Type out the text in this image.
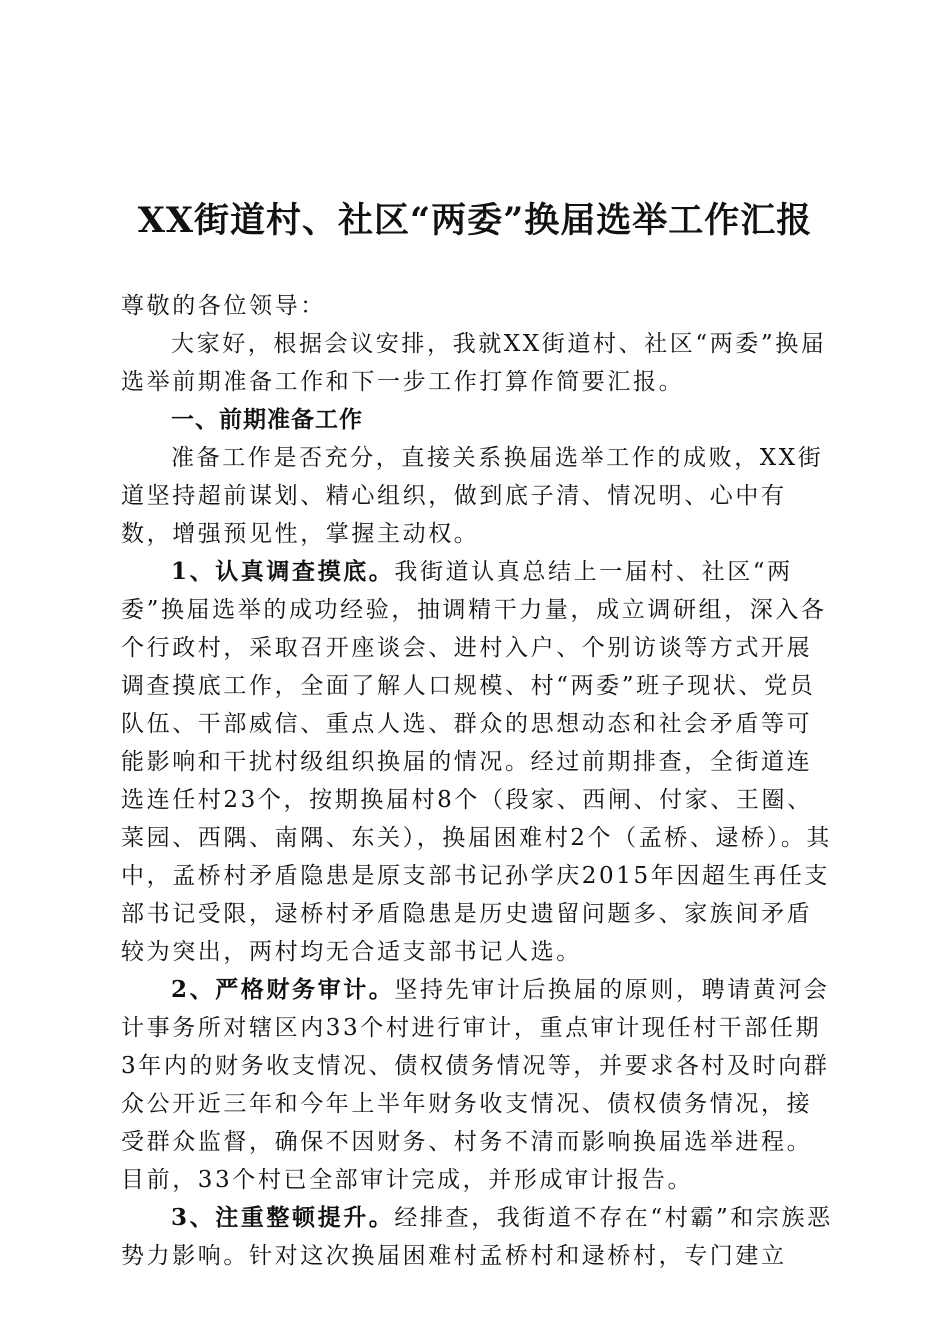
XX街道村、社区“两委”换届选举工作汇报

尊敬的各位领导：

大家好，根据会议安排，我就XX街道村、社区“两委”换届选举前期准备工作和下一步工作打算作简要汇报。

一、前期准备工作

准备工作是否充分，直接关系换届选举工作的成败，XX街道坚持超前谋划、精心组织，做到底子清、情况明、心中有数，增强预见性，掌握主动权。

1、认真调查摸底。我街道认真总结上一届村、社区“两委”换届选举的成功经验，抽调精干力量，成立调研组，深入各个行政村，采取召开座谈会、进村入户、个别访谈等方式开展调查摸底工作，全面了解人口规模、村“两委”班子现状、党员队伍、干部威信、重点人选、群众的思想动态和社会矛盾等可能影响和干扰村级组织换届的情况。经过前期排查，全街道连选连任村23个，按期换届村8个（段家、西闸、付家、王圈、菜园、西隅、南隅、东关），换届困难村2个（孟桥、逯桥）。其中，孟桥村矛盾隐患是原支部书记孙学庆2015年因超生再任支部书记受限，逯桥村矛盾隐患是历史遗留问题多、家族间矛盾较为突出，两村均无合适支部书记人选。

2、严格财务审计。坚持先审计后换届的原则，聘请黄河会计事务所对辖区内33个村进行审计，重点审计现任村干部任期3年内的财务收支情况、债权债务情况等，并要求各村及时向群众公开近三年和今年上半年财务收支情况、债权债务情况，接受群众监督，确保不因财务、村务不清而影响换届选举进程。目前，33个村已全部审计完成，并形成审计报告。

3、注重整顿提升。经排查，我街道不存在“村霸”和宗族恶势力影响。针对这次换届困难村孟桥村和逯桥村，专门建立
